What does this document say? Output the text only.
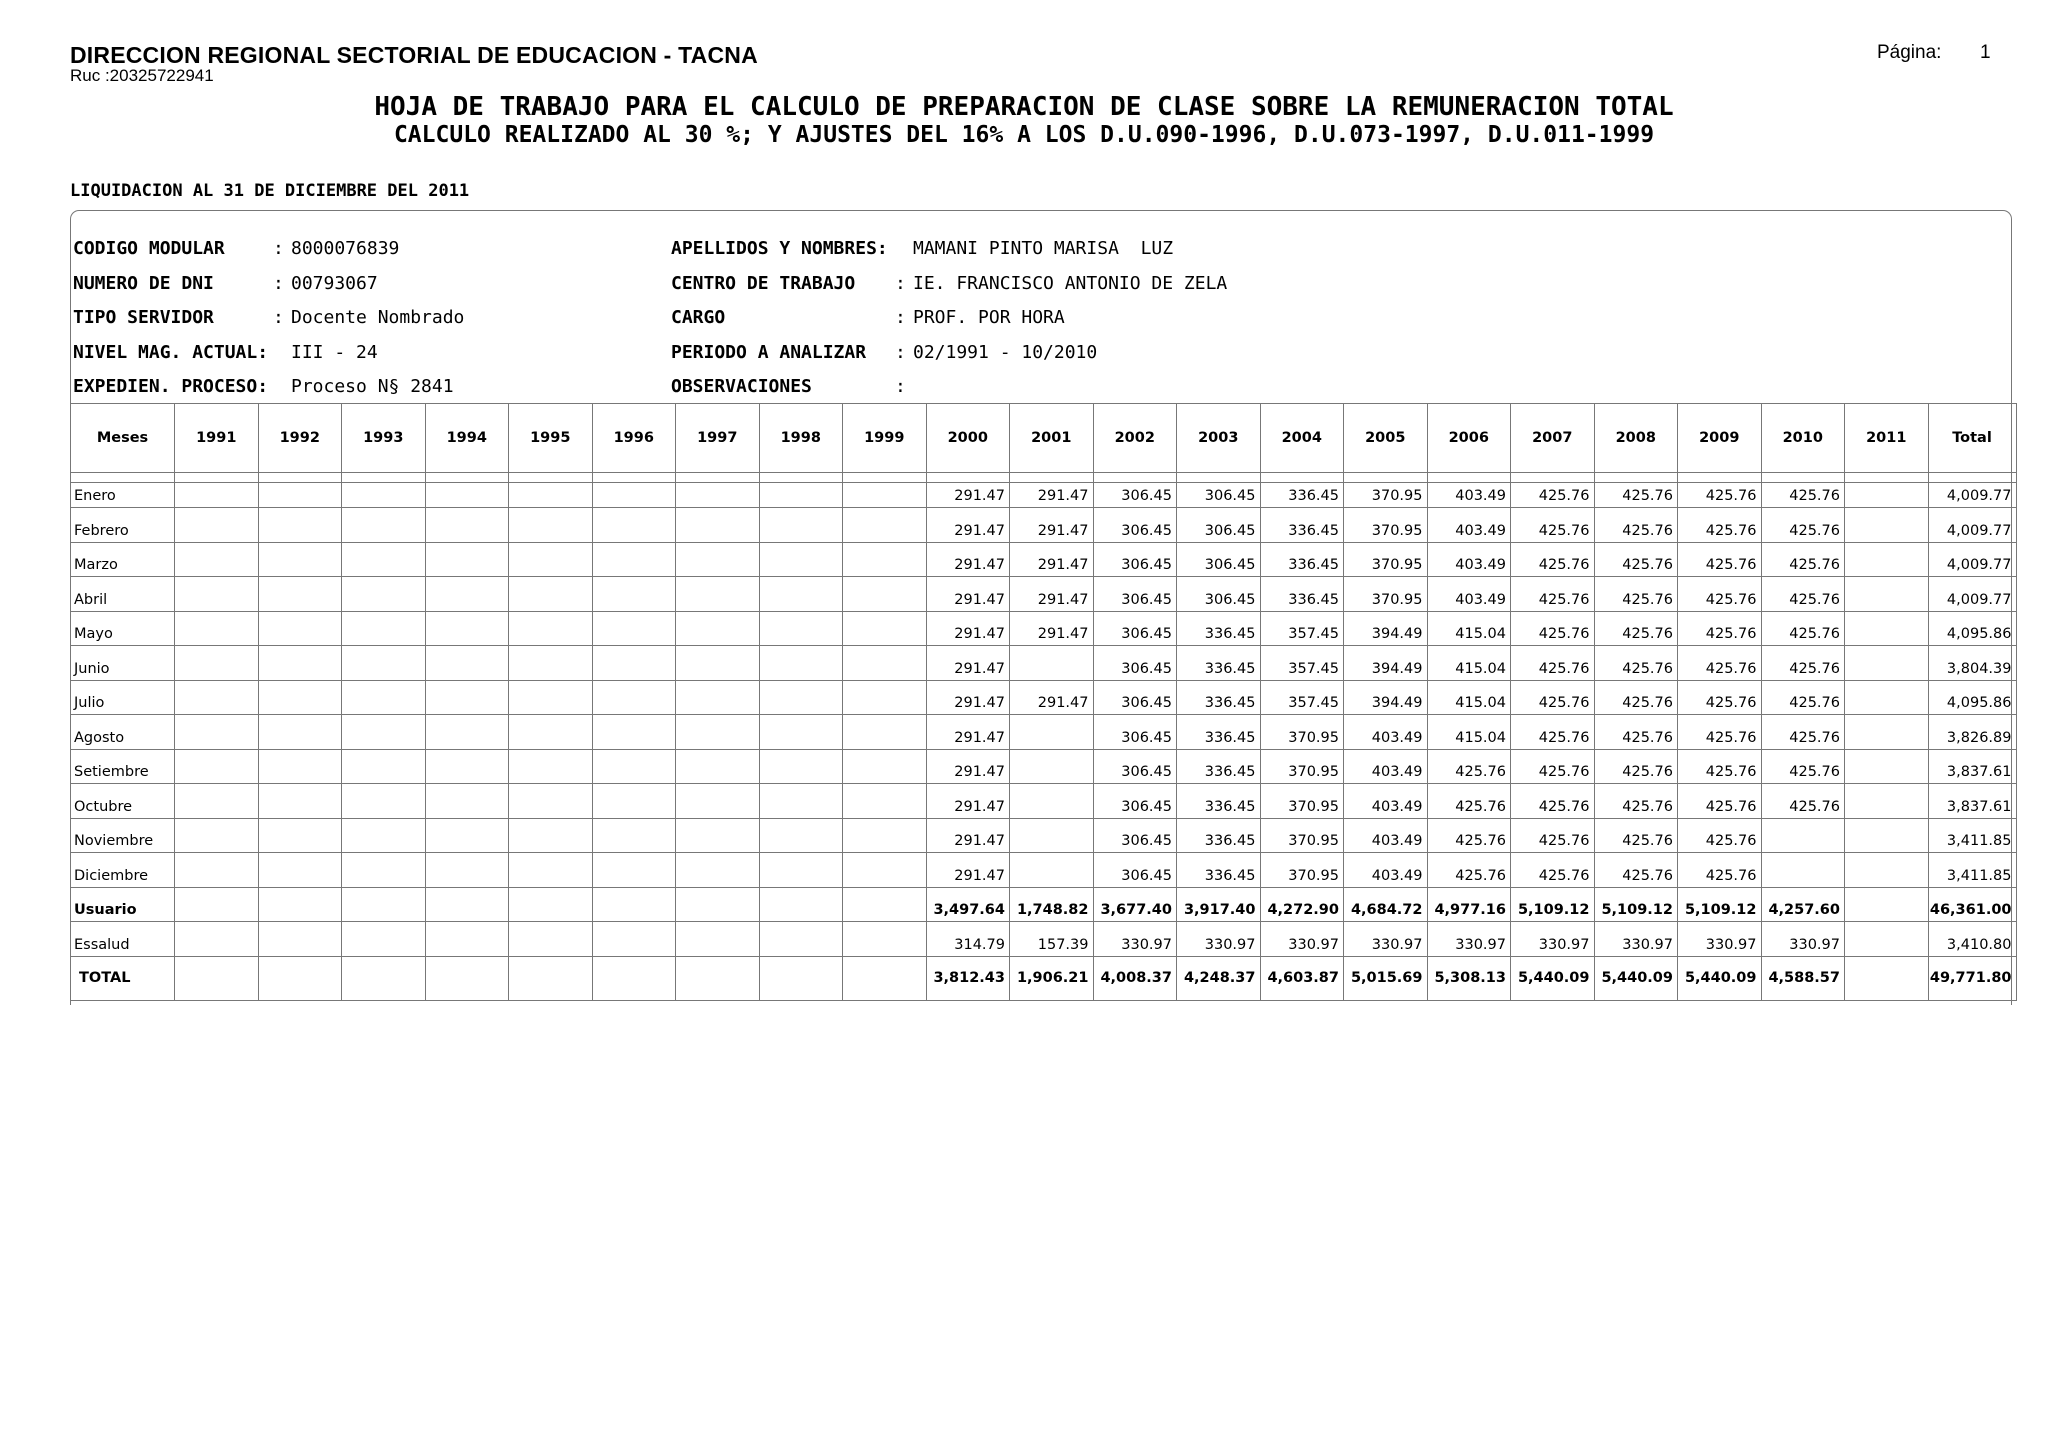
DIRECCION REGIONAL SECTORIAL DE EDUCACION - TACNA
Ruc :20325722941
Página: 1
HOJA DE TRABAJO PARA EL CALCULO DE PREPARACION DE CLASE SOBRE LA REMUNERACION TOTAL
CALCULO REALIZADO AL 30 %; Y AJUSTES DEL 16% A LOS D.U.090-1996, D.U.073-1997, D.U.011-1999
LIQUIDACION AL 31 DE DICIEMBRE DEL 2011
CODIGO MODULAR	: 8000076839
NUMERO DE DNI	: 00793067
TIPO SERVIDOR	: Docente Nombrado
NIVEL MAG. ACTUAL: III - 24
EXPEDIEN. PROCESO: Proceso N§ 2841
APELLIDOS Y NOMBRES: MAMANI PINTO MARISA  LUZ
CENTRO DE TRABAJO : IE. FRANCISCO ANTONIO DE ZELA
CARGO	: PROF. POR HORA
PERIODO A ANALIZAR : 02/1991 - 10/2010
OBSERVACIONES	:
Meses	1991	1992	1993	1994	1995	1996	1997	1998	1999	2000	2001	2002	2003	2004	2005	2006	2007	2008	2009	2010	2011	Total

Enero										291.47	291.47	306.45	306.45	336.45	370.95	403.49	425.76	425.76	425.76	425.76		4,009.77
Febrero										291.47	291.47	306.45	306.45	336.45	370.95	403.49	425.76	425.76	425.76	425.76		4,009.77
Marzo										291.47	291.47	306.45	306.45	336.45	370.95	403.49	425.76	425.76	425.76	425.76		4,009.77
Abril										291.47	291.47	306.45	306.45	336.45	370.95	403.49	425.76	425.76	425.76	425.76		4,009.77
Mayo										291.47	291.47	306.45	336.45	357.45	394.49	415.04	425.76	425.76	425.76	425.76		4,095.86
Junio										291.47		306.45	336.45	357.45	394.49	415.04	425.76	425.76	425.76	425.76		3,804.39
Julio										291.47	291.47	306.45	336.45	357.45	394.49	415.04	425.76	425.76	425.76	425.76		4,095.86
Agosto										291.47		306.45	336.45	370.95	403.49	415.04	425.76	425.76	425.76	425.76		3,826.89
Setiembre										291.47		306.45	336.45	370.95	403.49	425.76	425.76	425.76	425.76	425.76		3,837.61
Octubre										291.47		306.45	336.45	370.95	403.49	425.76	425.76	425.76	425.76	425.76		3,837.61
Noviembre										291.47		306.45	336.45	370.95	403.49	425.76	425.76	425.76	425.76			3,411.85
Diciembre										291.47		306.45	336.45	370.95	403.49	425.76	425.76	425.76	425.76			3,411.85
Usuario										3,497.64	1,748.82	3,677.40	3,917.40	4,272.90	4,684.72	4,977.16	5,109.12	5,109.12	5,109.12	4,257.60		46,361.00
Essalud										314.79	157.39	330.97	330.97	330.97	330.97	330.97	330.97	330.97	330.97	330.97		3,410.80
TOTAL										3,812.43	1,906.21	4,008.37	4,248.37	4,603.87	5,015.69	5,308.13	5,440.09	5,440.09	5,440.09	4,588.57		49,771.80
